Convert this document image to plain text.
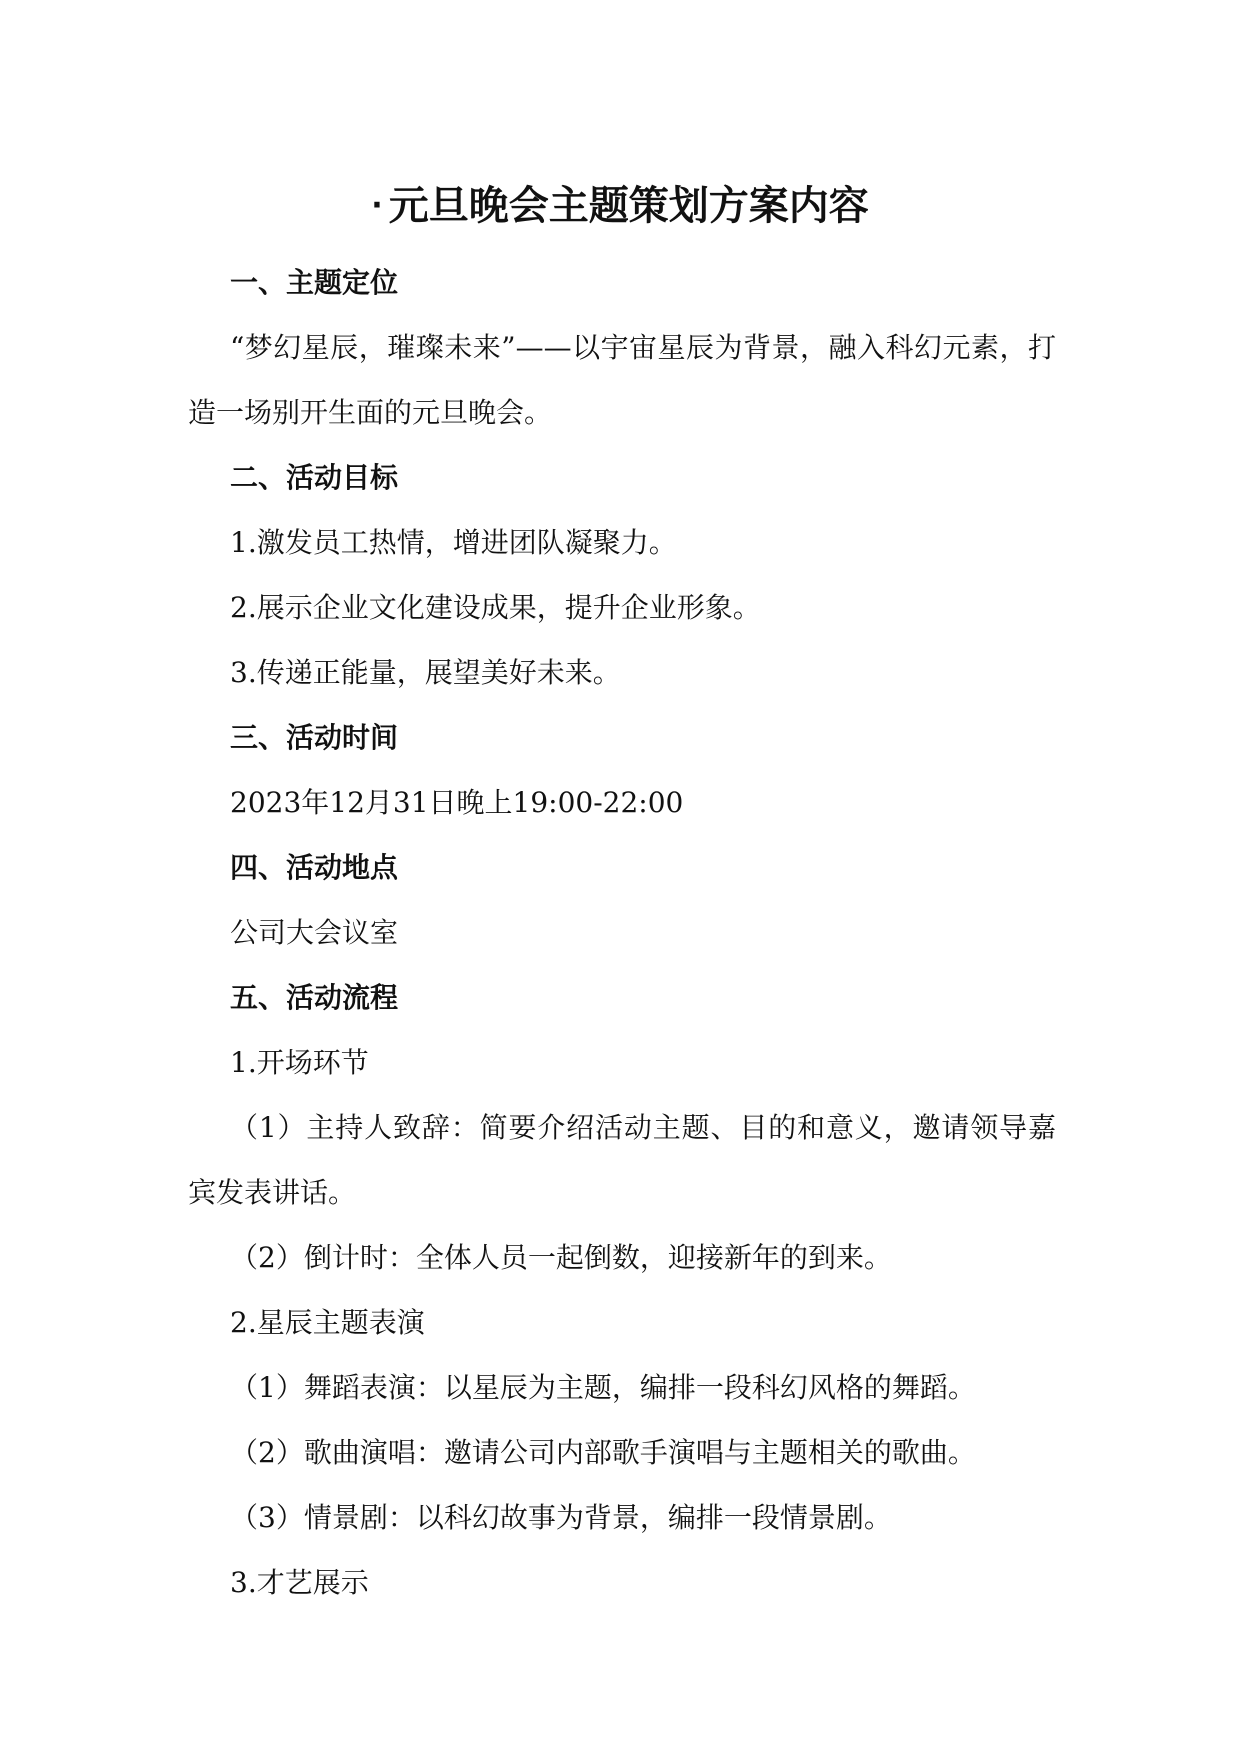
· 元旦晚会主题策划方案内容

一、主题定位

“梦幻星辰，璀璨未来”——以宇宙星辰为背景，融入科幻元素，打造一场别开生面的元旦晚会。

二、活动目标

1.激发员工热情，增进团队凝聚力。

2.展示企业文化建设成果，提升企业形象。

3.传递正能量，展望美好未来。

三、活动时间

2023年12月31日晚上19:00-22:00

四、活动地点

公司大会议室

五、活动流程

1.开场环节

（1）主持人致辞：简要介绍活动主题、目的和意义，邀请领导嘉宾发表讲话。

（2）倒计时：全体人员一起倒数，迎接新年的到来。

2.星辰主题表演

（1）舞蹈表演：以星辰为主题，编排一段科幻风格的舞蹈。

（2）歌曲演唱：邀请公司内部歌手演唱与主题相关的歌曲。

（3）情景剧：以科幻故事为背景，编排一段情景剧。

3.才艺展示
